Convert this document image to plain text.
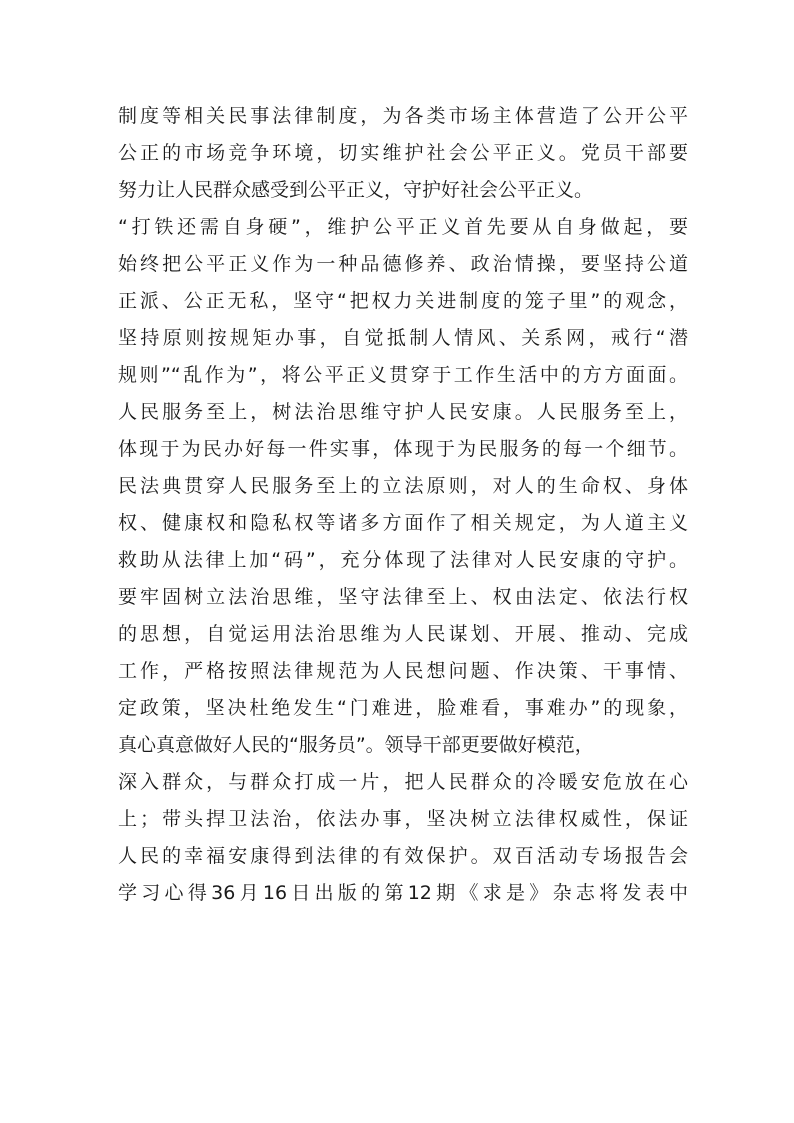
制度等相关民事法律制度，为各类市场主体营造了公开公平
公正的市场竞争环境，切实维护社会公平正义。党员干部要
努力让人民群众感受到公平正义，守护好社会公平正义。
“打铁还需自身硬”，维护公平正义首先要从自身做起，要
始终把公平正义作为一种品德修养、政治情操，要坚持公道
正派、公正无私，坚守“把权力关进制度的笼子里”的观念，
坚持原则按规矩办事，自觉抵制人情风、关系网，戒行“潜
规则”“乱作为”，将公平正义贯穿于工作生活中的方方面面。
人民服务至上，树法治思维守护人民安康。人民服务至上，
体现于为民办好每一件实事，体现于为民服务的每一个细节。
民法典贯穿人民服务至上的立法原则，对人的生命权、身体
权、健康权和隐私权等诸多方面作了相关规定，为人道主义
救助从法律上加“码”，充分体现了法律对人民安康的守护。
要牢固树立法治思维，坚守法律至上、权由法定、依法行权
的思想，自觉运用法治思维为人民谋划、开展、推动、完成
工作，严格按照法律规范为人民想问题、作决策、干事情、
定政策，坚决杜绝发生“门难进，脸难看，事难办”的现象，
真心真意做好人民的“服务员”。领导干部更要做好模范，
深入群众，与群众打成一片，把人民群众的冷暖安危放在心
上；带头捍卫法治，依法办事，坚决树立法律权威性，保证
人民的幸福安康得到法律的有效保护。双百活动专场报告会
学习心得36月16日出版的第12期《求是》杂志将发表中
